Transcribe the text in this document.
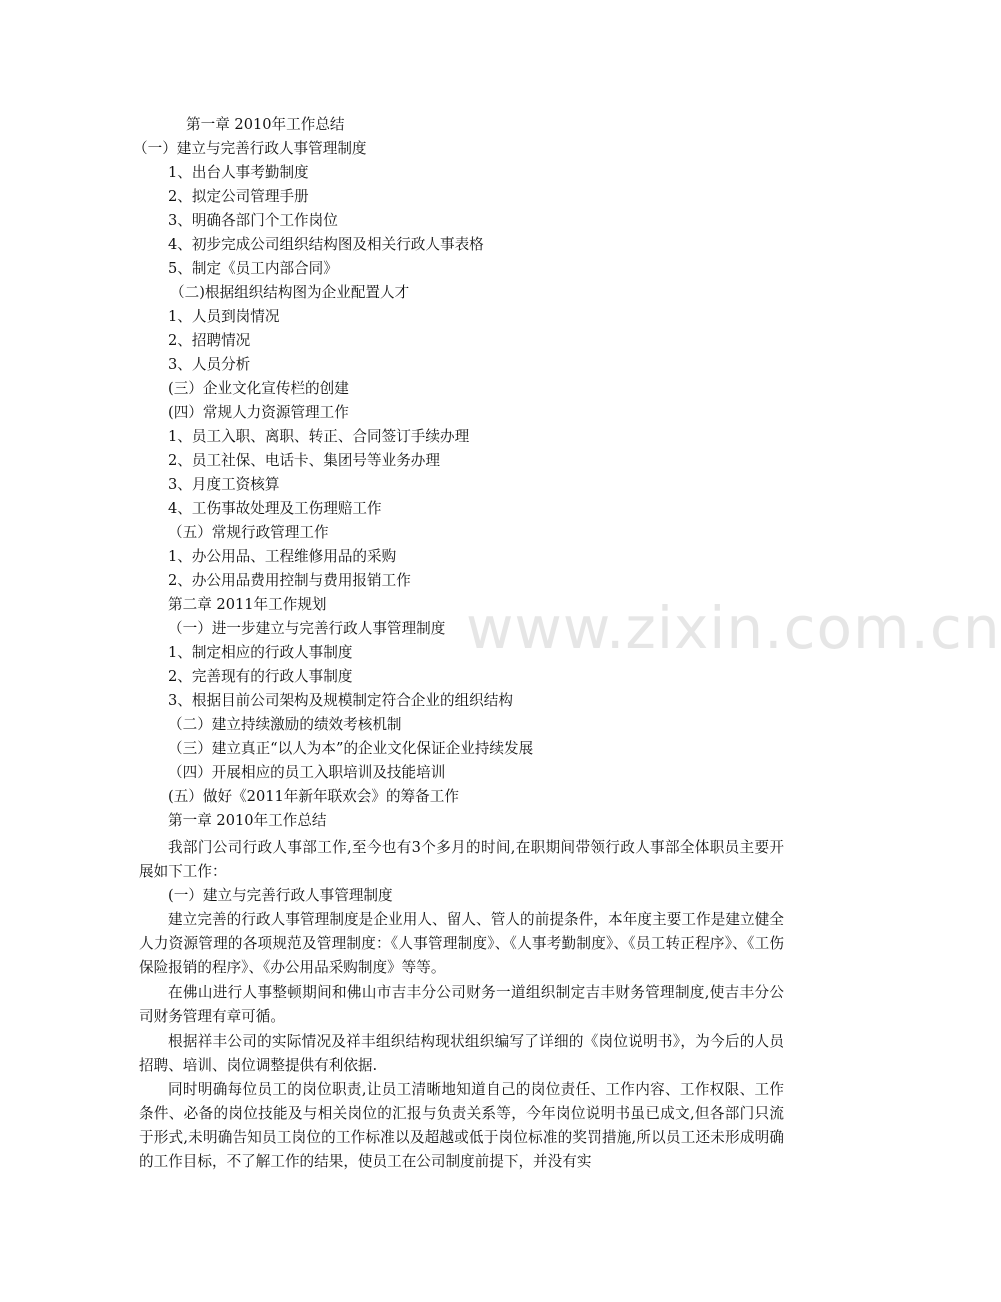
www.zixin.com.cn
第一章 2010年工作总结
（一）建立与完善行政人事管理制度
1、出台人事考勤制度
2、拟定公司管理手册
3、明确各部门个工作岗位
4、初步完成公司组织结构图及相关行政人事表格
5、制定《员工内部合同》
（二)根据组织结构图为企业配置人才
1、人员到岗情况
2、招聘情况
3、人员分析
(三）企业文化宣传栏的创建
(四）常规人力资源管理工作
1、员工入职、离职、转正、合同签订手续办理
2、员工社保、电话卡、集团号等业务办理
3、月度工资核算
4、工伤事故处理及工伤理赔工作
（五）常规行政管理工作
1、办公用品、工程维修用品的采购
2、办公用品费用控制与费用报销工作
第二章 2011年工作规划
（一）进一步建立与完善行政人事管理制度
1、制定相应的行政人事制度
2、完善现有的行政人事制度
3、根据目前公司架构及规模制定符合企业的组织结构
（二）建立持续激励的绩效考核机制
（三）建立真正“以人为本”的企业文化保证企业持续发展
（四）开展相应的员工入职培训及技能培训
(五）做好《2011年新年联欢会》的筹备工作
第一章 2010年工作总结
我部门公司行政人事部工作,至今也有3个多月的时间,在职期间带领行政人事部全体职员主要开展如下工作：
(一）建立与完善行政人事管理制度
建立完善的行政人事管理制度是企业用人、留人、管人的前提条件，本年度主要工作是建立健全人力资源管理的各项规范及管理制度：《人事管理制度》、《人事考勤制度》、《员工转正程序》、《工伤保险报销的程序》、《办公用品采购制度》等等。
在佛山进行人事整顿期间和佛山市吉丰分公司财务一道组织制定吉丰财务管理制度,使吉丰分公司财务管理有章可循。
根据祥丰公司的实际情况及祥丰组织结构现状组织编写了详细的《岗位说明书》，为今后的人员招聘、培训、岗位调整提供有利依据.
同时明确每位员工的岗位职责,让员工清晰地知道自己的岗位责任、工作内容、工作权限、工作条件、必备的岗位技能及与相关岗位的汇报与负责关系等，今年岗位说明书虽已成文,但各部门只流于形式,未明确告知员工岗位的工作标准以及超越或低于岗位标准的奖罚措施,所以员工还未形成明确的工作目标，不了解工作的结果，使员工在公司制度前提下，并没有实
